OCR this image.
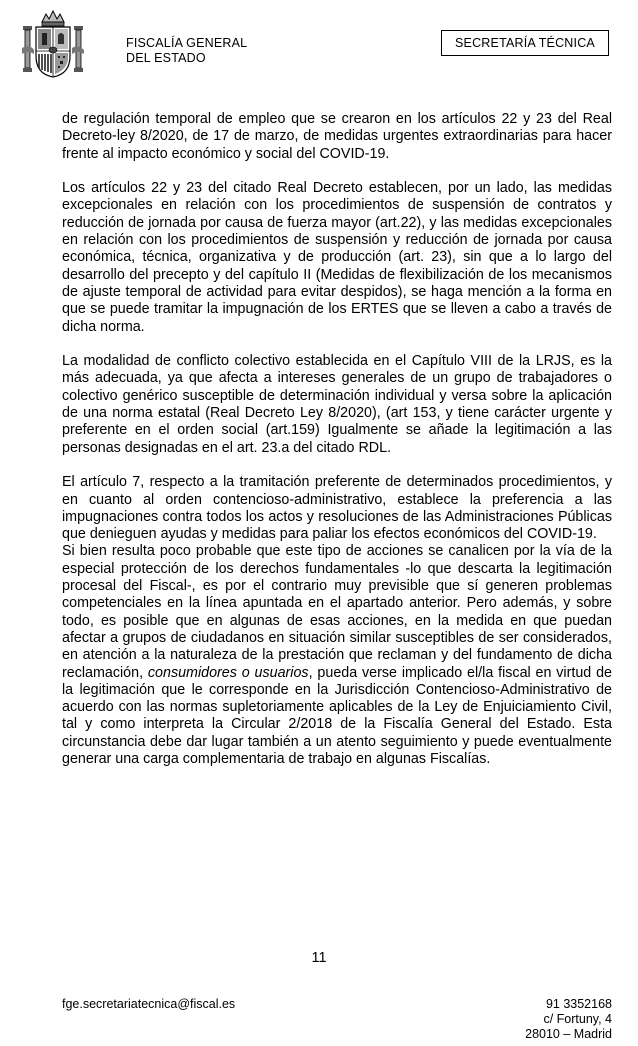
FISCALÍA GENERAL
DEL ESTADO
SECRETARÍA TÉCNICA

de regulación temporal de empleo que se crearon en los artículos 22 y 23 del Real Decreto-ley 8/2020, de 17 de marzo, de medidas urgentes extraordinarias para hacer frente al impacto económico y social del COVID-19.

Los artículos 22 y 23 del citado Real Decreto establecen, por un lado, las medidas excepcionales en relación con los procedimientos de suspensión de contratos y reducción de jornada por causa de fuerza mayor (art.22), y las medidas excepcionales en relación con los procedimientos de suspensión y reducción de jornada por causa económica, técnica, organizativa y de producción (art. 23), sin que a lo largo del desarrollo del precepto y del capítulo II (Medidas de flexibilización de los mecanismos de ajuste temporal de actividad para evitar despidos), se haga mención a la forma en que se puede tramitar la impugnación de los ERTES que se lleven a cabo a través de dicha norma.

La modalidad de conflicto colectivo establecida en el Capítulo VIII de la LRJS, es la más adecuada, ya que afecta a intereses generales de un grupo de trabajadores o colectivo genérico susceptible de determinación individual y versa sobre la aplicación de una norma estatal (Real Decreto Ley 8/2020), (art 153, y tiene carácter urgente y preferente en el orden social (art.159) Igualmente se añade la legitimación a las personas designadas en el art. 23.a del citado RDL.

El artículo 7, respecto a la tramitación preferente de determinados procedimientos, y en cuanto al orden contencioso-administrativo, establece la preferencia a las impugnaciones contra todos los actos y resoluciones de las Administraciones Públicas que denieguen ayudas y medidas para paliar los efectos económicos del COVID-19.

Si bien resulta poco probable que este tipo de acciones se canalicen por la vía de la especial protección de los derechos fundamentales -lo que descarta la legitimación procesal del Fiscal-, es por el contrario muy previsible que sí generen problemas competenciales en la línea apuntada en el apartado anterior. Pero además, y sobre todo, es posible que en algunas de esas acciones, en la medida en que puedan afectar a grupos de ciudadanos en situación similar susceptibles de ser considerados, en atención a la naturaleza de la prestación que reclaman y del fundamento de dicha reclamación, consumidores o usuarios, pueda verse implicado el/la fiscal en virtud de la legitimación que le corresponde en la Jurisdicción Contencioso-Administrativo de acuerdo con las normas supletoriamente aplicables de la Ley de Enjuiciamiento Civil, tal y como interpreta la Circular 2/2018 de la Fiscalía General del Estado. Esta circunstancia debe dar lugar también a un atento seguimiento y puede eventualmente generar una carga complementaria de trabajo en algunas Fiscalías.

11
fge.secretariatecnica@fiscal.es	91 3352168
c/ Fortuny, 4
28010 – Madrid
